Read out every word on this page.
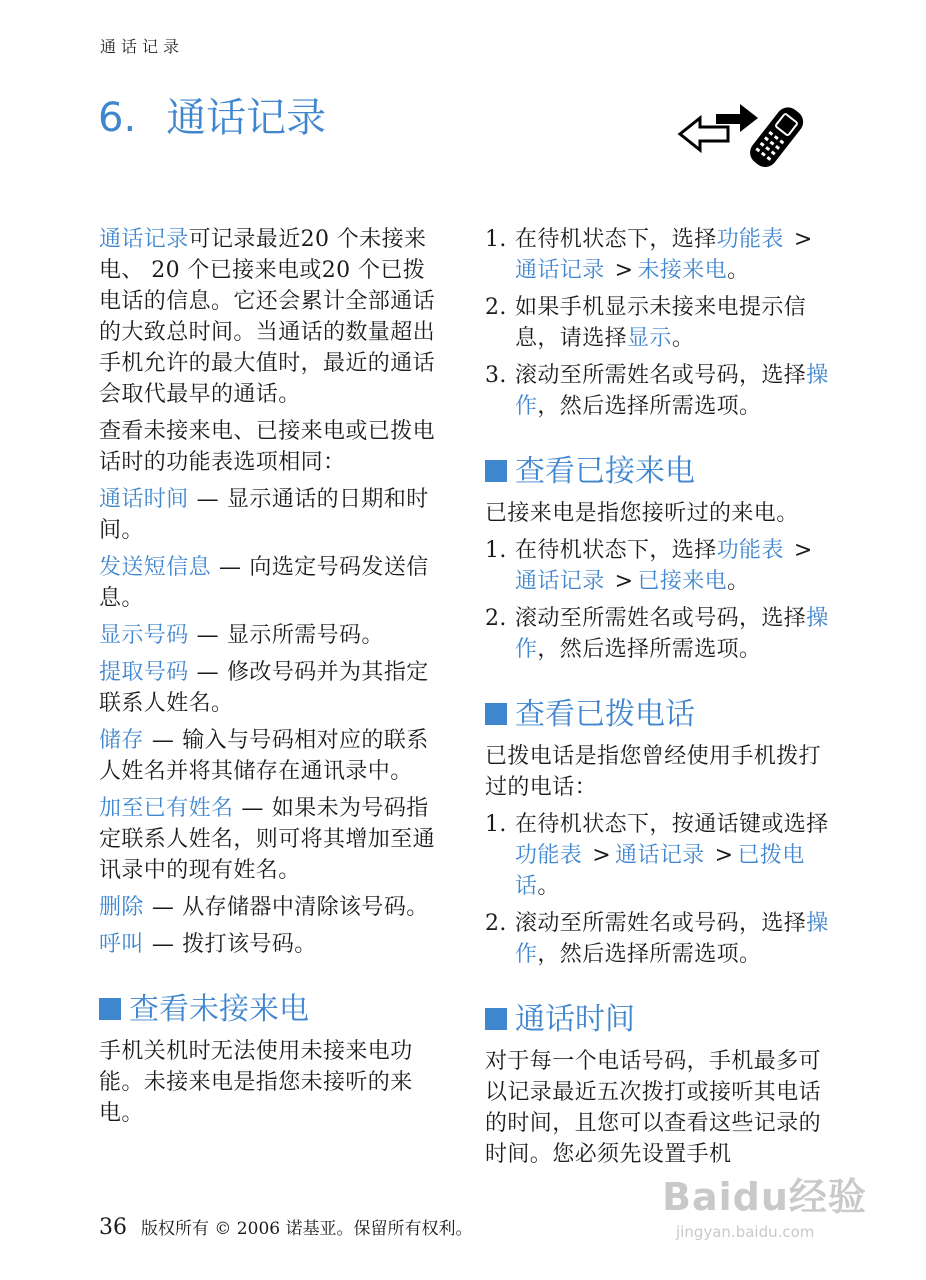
通话记录
6. 通话记录

通话记录可记录最近20 个未接来电、 20 个已接来电或20 个已拨电话的信息。它还会累计全部通话的大致总时间。当通话的数量超出手机允许的最大值时，最近的通话会取代最早的通话。

查看未接来电、已接来电或已拨电话时的功能表选项相同：

通话时间 — 显示通话的日期和时间。

发送短信息 — 向选定号码发送信息。

显示号码 — 显示所需号码。

提取号码 — 修改号码并为其指定联系人姓名。

储存 — 输入与号码相对应的联系人姓名并将其储存在通讯录中。

加至已有姓名 — 如果未为号码指定联系人姓名，则可将其增加至通讯录中的现有姓名。

删除 — 从存储器中清除该号码。

呼叫 — 拨打该号码。

查看未接来电

手机关机时无法使用未接来电功能。未接来电是指您未接听的来电。

1. 在待机状态下，选择功能表 >通话记录 > 未接来电。
2. 如果手机显示未接来电提示信息，请选择显示。
3. 滚动至所需姓名或号码，选择操作，然后选择所需选项。
查看已接来电

已接来电是指您接听过的来电。

1. 在待机状态下，选择功能表 >通话记录 > 已接来电。
2. 滚动至所需姓名或号码，选择操作，然后选择所需选项。
查看已拨电话

已拨电话是指您曾经使用手机拨打过的电话：

1. 在待机状态下，按通话键或选择功能表 > 通话记录 > 已拨电话。
2. 滚动至所需姓名或号码，选择操作，然后选择所需选项。
通话时间

对于每一个电话号码，手机最多可以记录最近五次拨打或接听其电话的时间，且您可以查看这些记录的时间。您必须先设置手机

36 版权所有 © 2006 诺基亚。保留所有权利。
Baidu经验
jingyan.baidu.com
